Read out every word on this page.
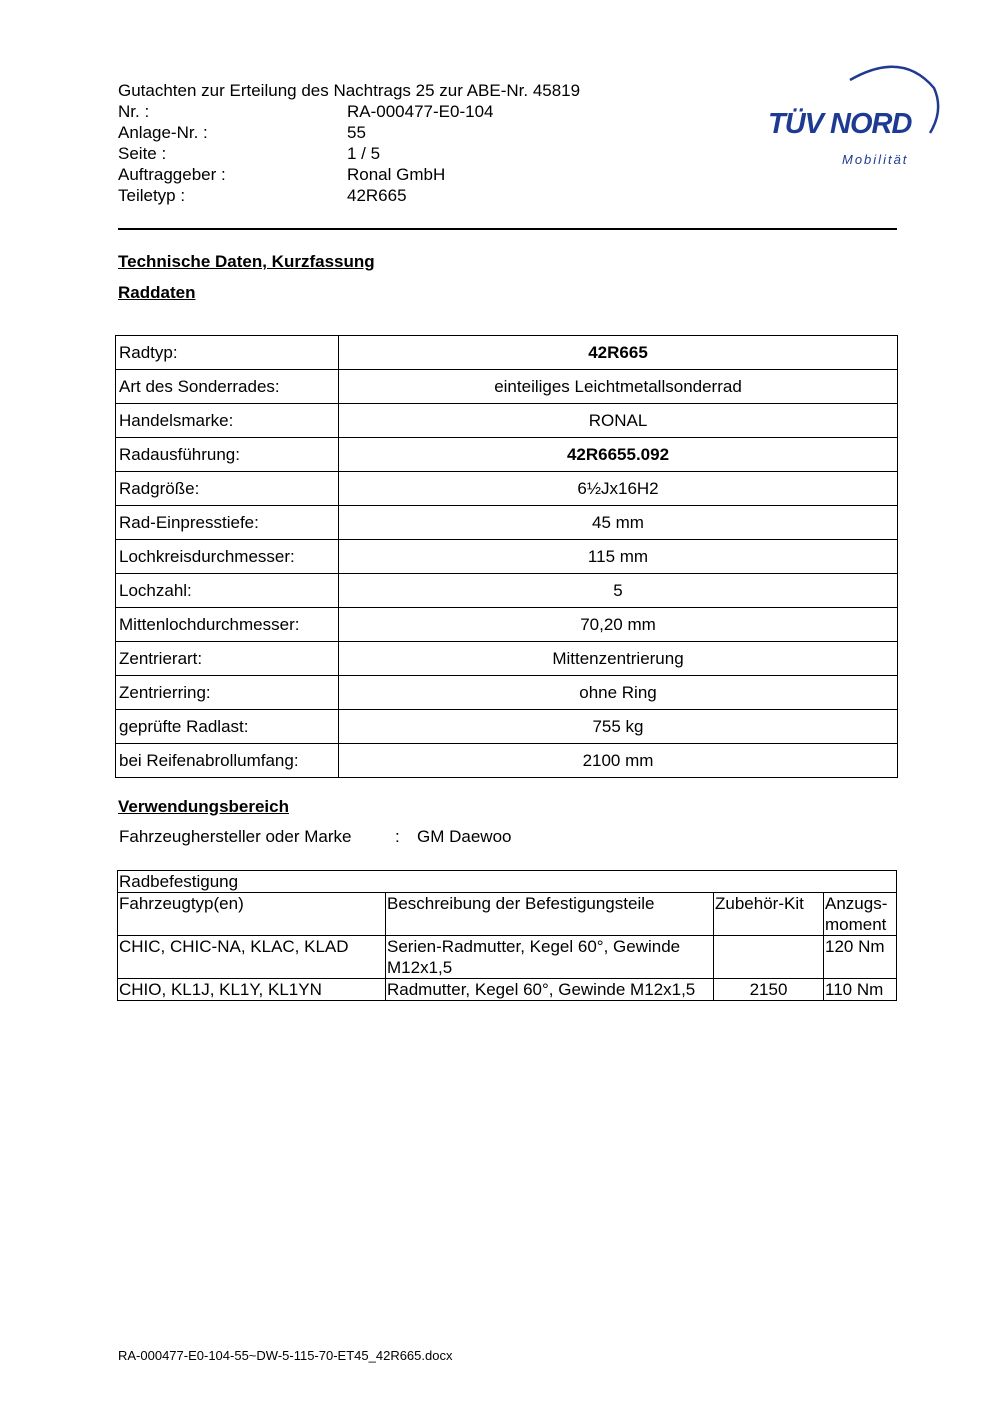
Gutachten zur Erteilung des Nachtrags 25 zur ABE-Nr. 45819
Nr. :	RA-000477-E0-104
Anlage-Nr. :	55
Seite :	1 / 5
Auftraggeber :	Ronal GmbH
Teiletyp :	42R665
TÜV NORD
Mobilität
Technische Daten, Kurzfassung
Raddaten
Radtyp:	42R665
Art des Sonderrades:	einteiliges Leichtmetallsonderrad
Handelsmarke:	RONAL
Radausführung:	42R6655.092
Radgröße:	6½Jx16H2
Rad-Einpresstiefe:	45 mm
Lochkreisdurchmesser:	115 mm
Lochzahl:	5
Mittenlochdurchmesser:	70,20 mm
Zentrierart:	Mittenzentrierung
Zentrierring:	ohne Ring
geprüfte Radlast:	755 kg
bei Reifenabrollumfang:	2100 mm
Verwendungsbereich
Fahrzeughersteller oder Marke	:	GM Daewoo
Radbefestigung			
Fahrzeugtyp(en)	Beschreibung der Befestigungsteile	Zubehör-Kit	Anzugs-moment
CHIC, CHIC-NA, KLAC, KLAD	Serien-Radmutter, Kegel 60°, Gewinde M12x1,5		120 Nm
CHIO, KL1J, KL1Y, KL1YN	Radmutter, Kegel 60°, Gewinde M12x1,5	2150	110 Nm
RA-000477-E0-104-55~DW-5-115-70-ET45_42R665.docx
